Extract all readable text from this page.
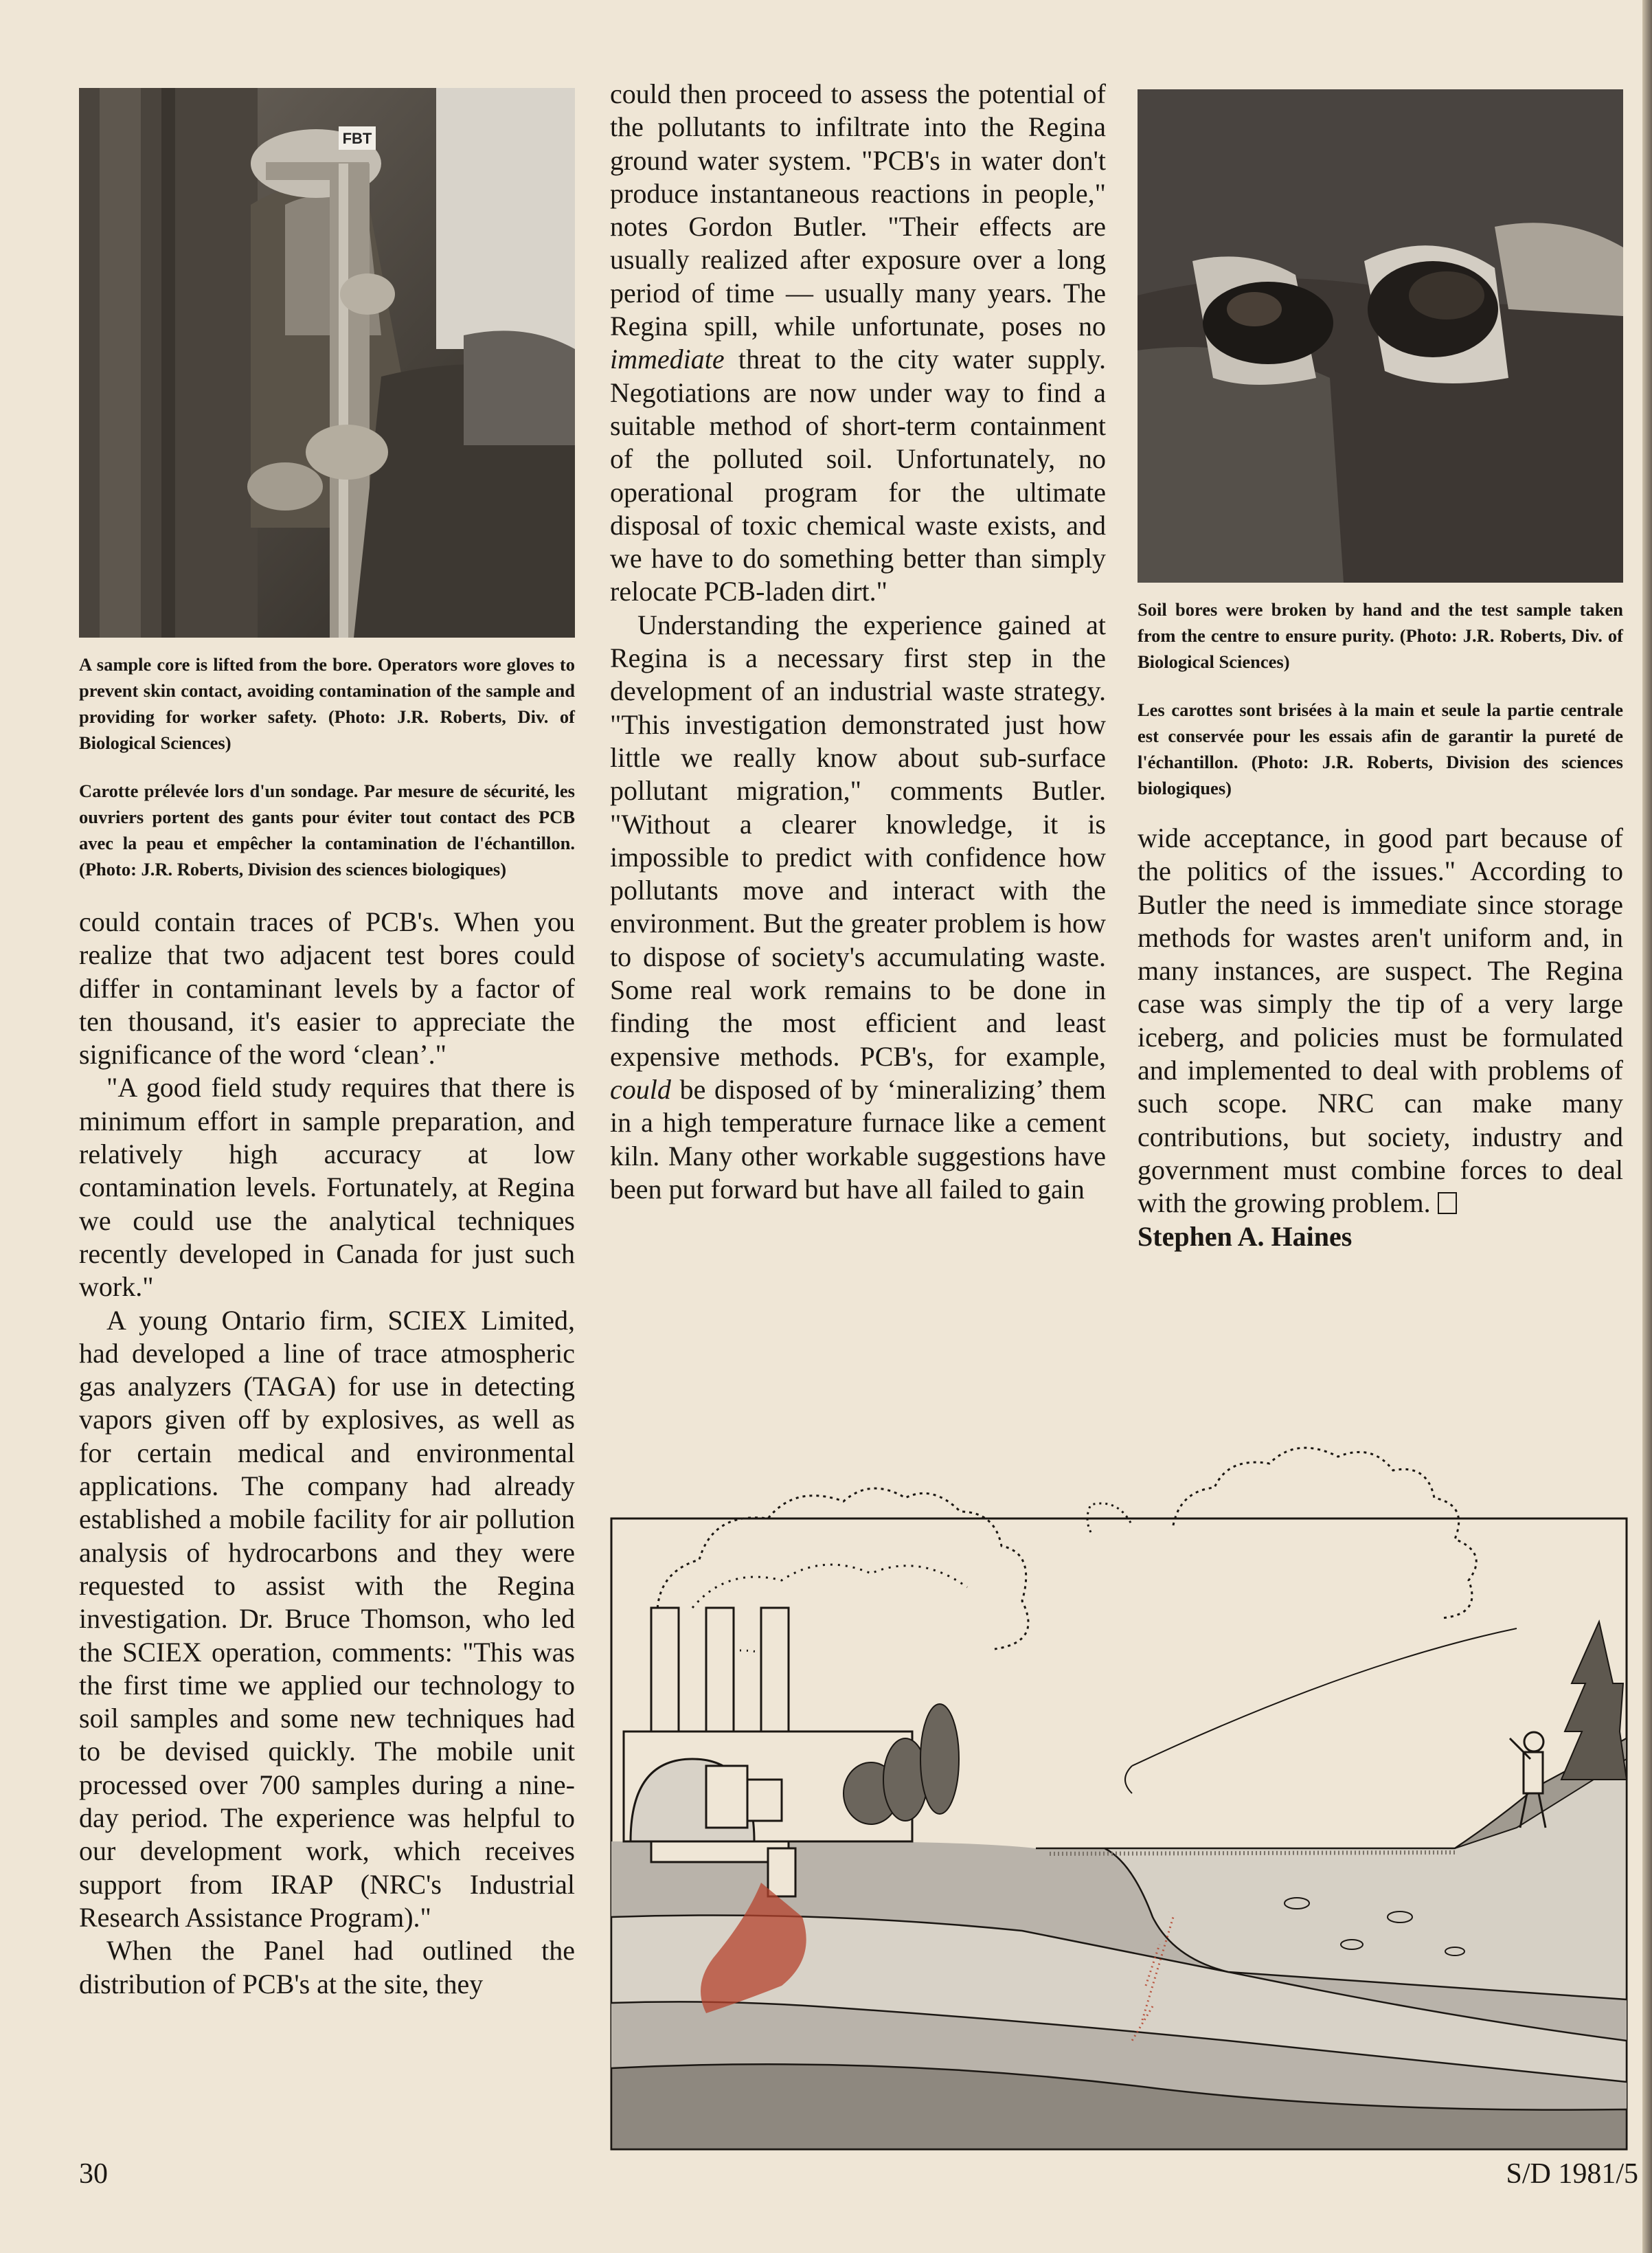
FBT

A sample core is lifted from the bore. Operators wore gloves to prevent skin contact, avoiding contamination of the sample and providing for worker safety. (Photo: J.R. Roberts, Div. of Biological Sciences)

Carotte prélevée lors d'un sondage. Par mesure de sécurité, les ouvriers portent des gants pour éviter tout contact des PCB avec la peau et empêcher la contamination de l'échantillon. (Photo: J.R. Roberts, Division des sciences biologiques)

could contain traces of PCB's. When you realize that two adjacent test bores could differ in contaminant levels by a factor of ten thousand, it's easier to appreciate the significance of the word ‘clean’."

"A good field study requires that there is minimum effort in sample preparation, and relatively high accuracy at low contamination levels. Fortunately, at Regina we could use the analytical techniques recently developed in Canada for just such work."

A young Ontario firm, SCIEX Limited, had developed a line of trace atmospheric gas analyzers (TAGA) for use in detecting vapors given off by explosives, as well as for certain medical and environmental applications. The company had already established a mobile facility for air pollution analysis of hydrocarbons and they were requested to assist with the Regina investigation. Dr. Bruce Thomson, who led the SCIEX operation, comments: "This was the first time we applied our technology to soil samples and some new techniques had to be devised quickly. The mobile unit processed over 700 samples during a nine-day period. The experience was helpful to our development work, which receives support from IRAP (NRC's Industrial Research Assistance Program)."

When the Panel had outlined the distribution of PCB's at the site, they

could then proceed to assess the potential of the pollutants to infiltrate into the Regina ground water system. "PCB's in water don't produce instantaneous reactions in people," notes Gordon Butler. "Their effects are usually realized after exposure over a long period of time — usually many years. The Regina spill, while unfortunate, poses no immediate threat to the city water supply. Negotiations are now under way to find a suitable method of short-term containment of the polluted soil. Unfortunately, no operational program for the ultimate disposal of toxic chemical waste exists, and we have to do something better than simply relocate PCB-laden dirt."

Understanding the experience gained at Regina is a necessary first step in the development of an industrial waste strategy. "This investigation demonstrated just how little we really know about sub-surface pollutant migration," comments Butler. "Without a clearer knowledge, it is impossible to predict with confidence how pollutants move and interact with the environment. But the greater problem is how to dispose of society's accumulating waste. Some real work remains to be done in finding the most efficient and least expensive methods. PCB's, for example, could be disposed of by ‘mineralizing’ them in a high temperature furnace like a cement kiln. Many other workable suggestions have been put forward but have all failed to gain

Soil bores were broken by hand and the test sample taken from the centre to ensure purity. (Photo: J.R. Roberts, Div. of Biological Sciences)

Les carottes sont brisées à la main et seule la partie centrale est conservée pour les essais afin de garantir la pureté de l'échantillon. (Photo: J.R. Roberts, Division des sciences biologiques)

wide acceptance, in good part because of the politics of the issues." According to Butler the need is immediate since storage methods for wastes aren't uniform and, in many instances, are suspect. The Regina case was simply the tip of a very large iceberg, and policies must be formulated and implemented to deal with problems of such scope. NRC can make many contributions, but society, industry and government must combine forces to deal with the growing problem.

Stephen A. Haines
30	S/D 1981/5
